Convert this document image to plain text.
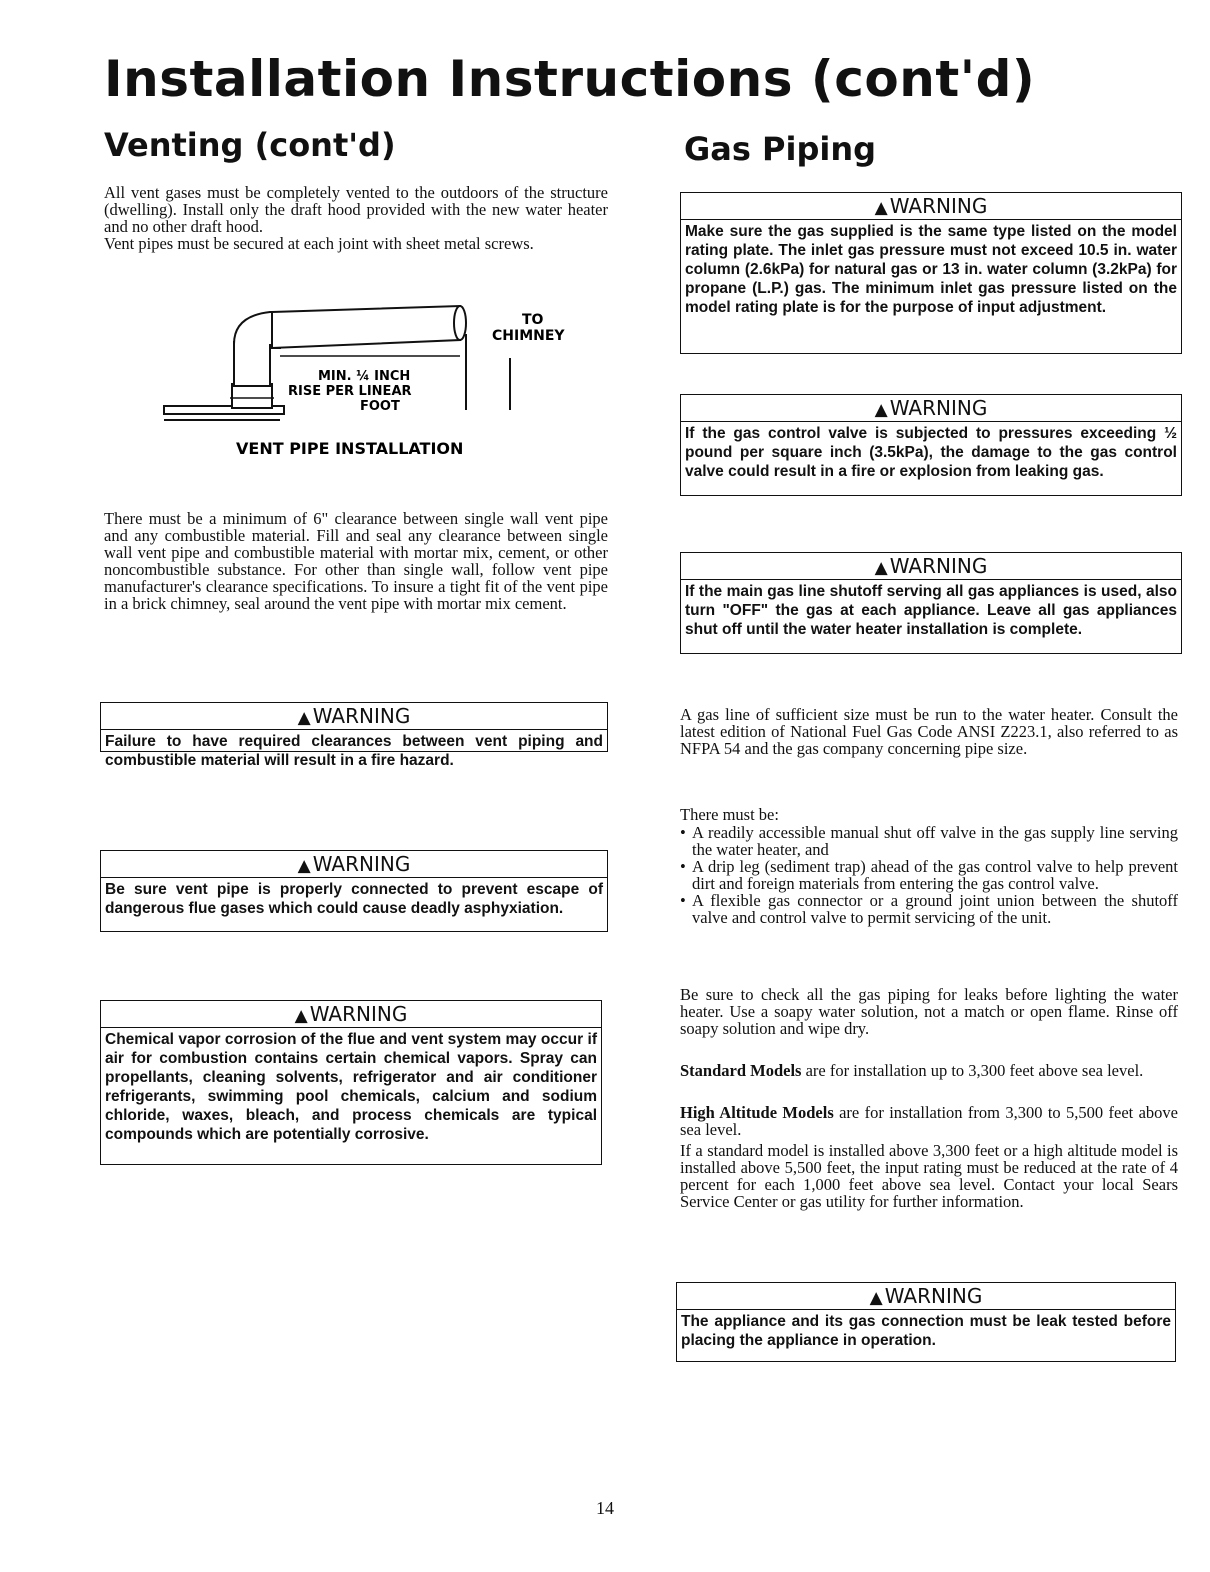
Installation Instructions (cont'd)
Venting (cont'd)

All vent gases must be completely vented to the outdoors of the structure (dwelling). Install only the draft hood provided with the new water heater and no other draft hood.
Vent pipes must be secured at each joint with sheet metal screws.

TO
CHIMNEY
MIN. ¼ INCH
RISE PER LINEAR
FOOT
VENT PIPE INSTALLATION

There must be a minimum of 6" clearance between single wall vent pipe and any combustible material. Fill and seal any clearance between single wall vent pipe and combustible material with mortar mix, cement, or other noncombustible substance. For other than single wall, follow vent pipe manufacturer's clearance specifications. To insure a tight fit of the vent pipe in a brick chimney, seal around the vent pipe with mortar mix cement.

▲ WARNING
Failure to have required clearances between vent piping and combustible material will result in a fire hazard.
▲ WARNING
Be sure vent pipe is properly connected to prevent escape of dangerous flue gases which could cause deadly asphyxiation.
▲ WARNING
Chemical vapor corrosion of the flue and vent system may occur if air for combustion contains certain chemical vapors. Spray can propellants, cleaning solvents, refrigerator and air conditioner refrigerants, swimming pool chemicals, calcium and sodium chloride, waxes, bleach, and process chemicals are typical compounds which are potentially corrosive.
Gas Piping
▲ WARNING
Make sure the gas supplied is the same type listed on the model rating plate. The inlet gas pressure must not exceed 10.5 in. water column (2.6kPa) for natural gas or 13 in. water column (3.2kPa) for propane (L.P.) gas. The minimum inlet gas pressure listed on the model rating plate is for the purpose of input adjustment.
▲ WARNING
If the gas control valve is subjected to pressures exceeding ½ pound per square inch (3.5kPa), the damage to the gas control valve could result in a fire or explosion from leaking gas.
▲ WARNING
If the main gas line shutoff serving all gas appliances is used, also turn "OFF" the gas at each appliance. Leave all gas appliances shut off until the water heater installation is complete.

A gas line of sufficient size must be run to the water heater. Consult the latest edition of National Fuel Gas Code ANSI Z223.1, also referred to as NFPA 54 and the gas company concerning pipe size.

There must be:

• A readily accessible manual shut off valve in the gas supply line serving the water heater, and
• A drip leg (sediment trap) ahead of the gas control valve to help prevent dirt and foreign materials from entering the gas control valve.
• A flexible gas connector or a ground joint union between the shutoff valve and control valve to permit servicing of the unit.

Be sure to check all the gas piping for leaks before lighting the water heater. Use a soapy water solution, not a match or open flame. Rinse off soapy solution and wipe dry.

Standard Models are for installation up to 3,300 feet above sea level.

High Altitude Models are for installation from 3,300 to 5,500 feet above sea level.

If a standard model is installed above 3,300 feet or a high altitude model is installed above 5,500 feet, the input rating must be reduced at the rate of 4 percent for each 1,000 feet above sea level. Contact your local Sears Service Center or gas utility for further information.

▲ WARNING
The appliance and its gas connection must be leak tested before placing the appliance in operation.
14
